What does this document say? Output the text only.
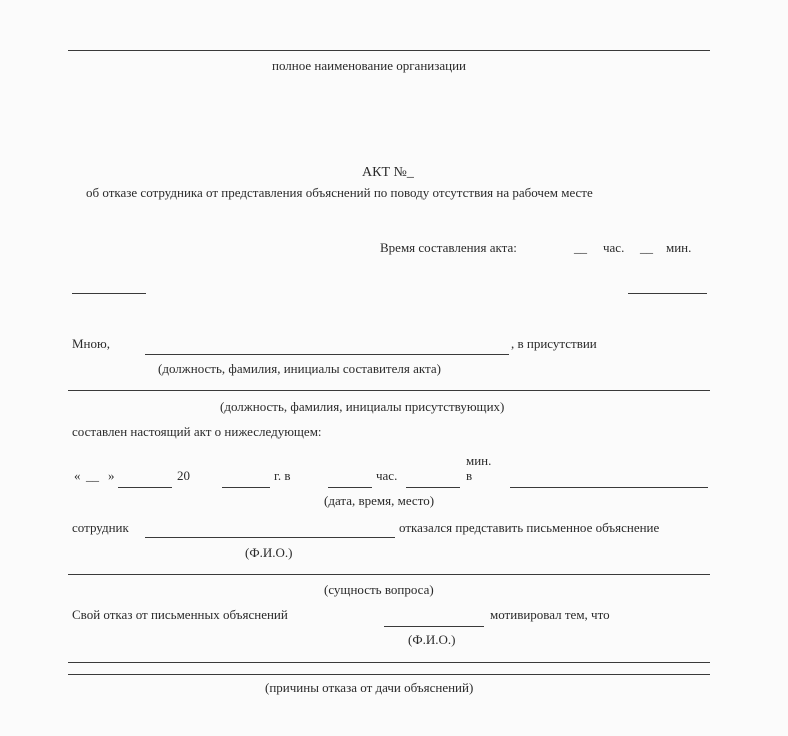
полное наименование организации
АКТ №_
об отказе сотрудника от представления объяснений по поводу отсутствия на рабочем месте
Время составления акта:	__ час. __ мин.
Мною,	, в присутствии
(должность, фамилия, инициалы составителя акта)
(должность, фамилия, инициалы присутствующих)
составлен настоящий акт о нижеследующем:
« __ »	20	г. в	час.
мин.
в
(дата, время, место)
сотрудник	отказался представить письменное объяснение
(Ф.И.О.)
(сущность вопроса)
Свой отказ от письменных объяснений	мотивировал тем, что
(Ф.И.О.)
(причины отказа от дачи объяснений)
